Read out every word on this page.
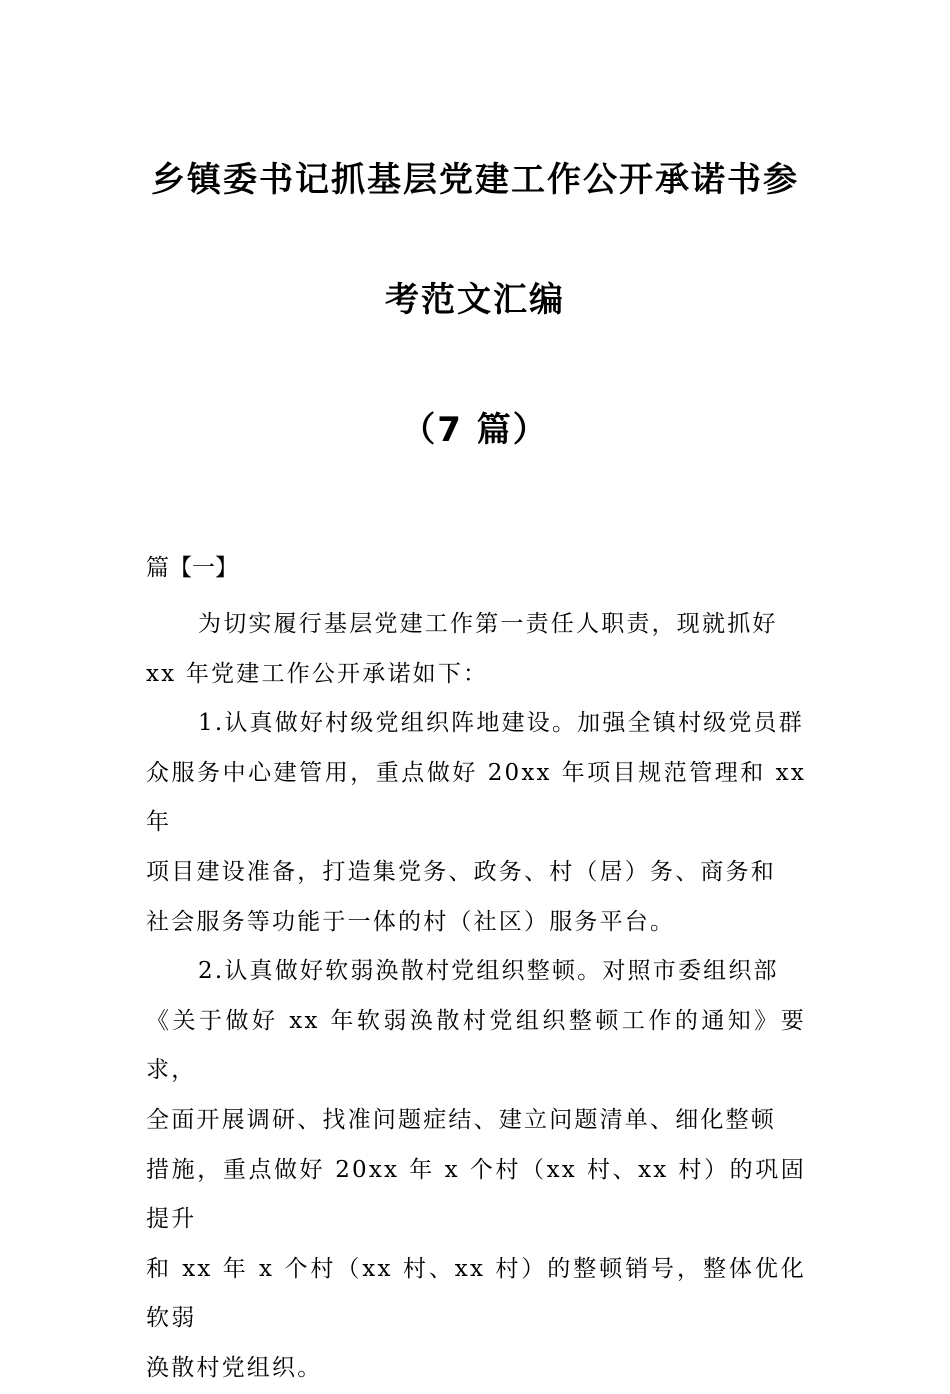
乡镇委书记抓基层党建工作公开承诺书参
考范文汇编
（7 篇）
篇【一】

为切实履行基层党建工作第一责任人职责，现就抓好
xx 年党建工作公开承诺如下：

1.认真做好村级党组织阵地建设。加强全镇村级党员群
众服务中心建管用，重点做好 20xx 年项目规范管理和 xx 年
项目建设准备，打造集党务、政务、村（居）务、商务和
社会服务等功能于一体的村（社区）服务平台。

2.认真做好软弱涣散村党组织整顿。对照市委组织部
《关于做好 xx 年软弱涣散村党组织整顿工作的通知》要求，
全面开展调研、找准问题症结、建立问题清单、细化整顿
措施，重点做好 20xx 年 x 个村（xx 村、xx 村）的巩固提升
和 xx 年 x 个村（xx 村、xx 村）的整顿销号，整体优化软弱
涣散村党组织。
